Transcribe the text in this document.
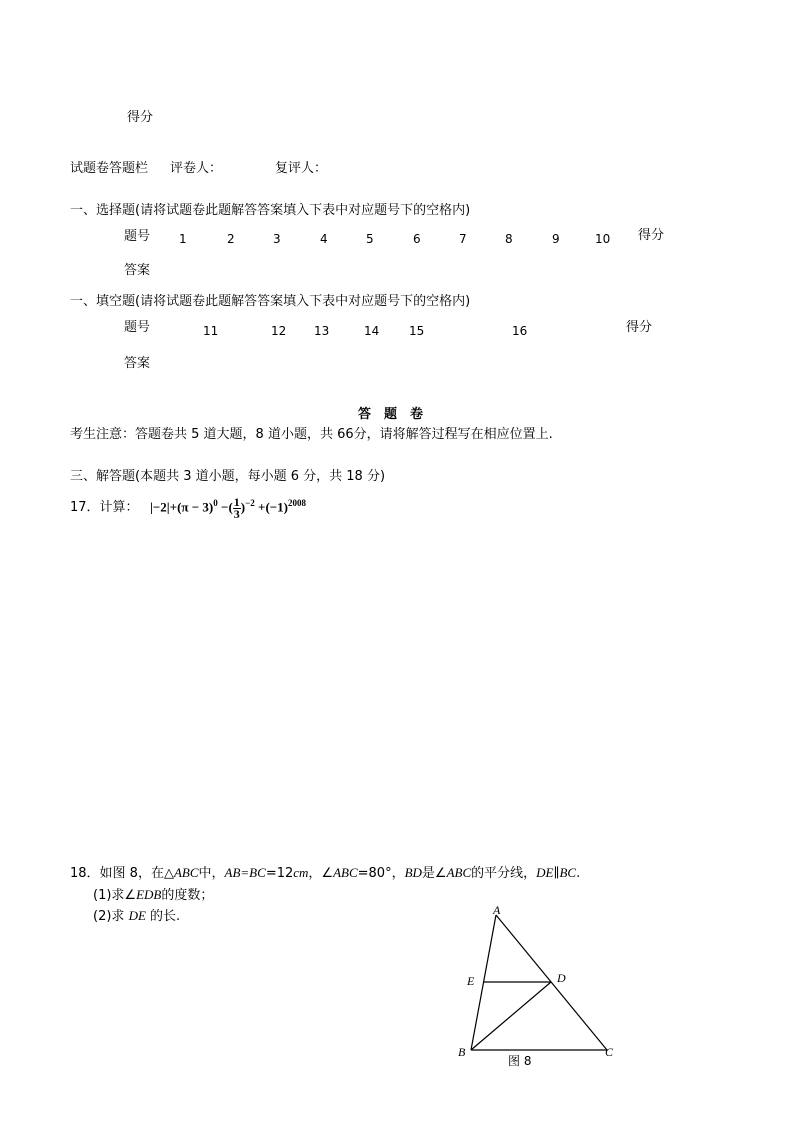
得分
试题卷答题栏 评卷人：	复评人：
一、选择题(请将试题卷此题解答答案填入下表中对应题号下的空格内)
题号 1	2	3	4	5	6	7	8	9	10 得分
答案
一、填空题(请将试题卷此题解答答案填入下表中对应题号下的空格内)
题号	11	12 13	14 15	16	得分
答案
答　题　卷
考生注意：答题卷共 5 道大题，8 道小题，共 66分，请将解答过程写在相应位置上.
三、解答题(本题共 3 道小题，每小题 6 分，共 18 分)
17．计算： $|-2|+(\pi - 3)^0$ −( $\frac{1}{3} )^{-2} +(-1)^{2008}$
18．如图 8，在△ABC中，AB=BC=12cm，∠ABC=80°，BD是∠ABC的平分线，DE∥BC.
(1)求∠EDB的度数；
(2)求 DE 的长.	A
B	C
D
E
图 8
